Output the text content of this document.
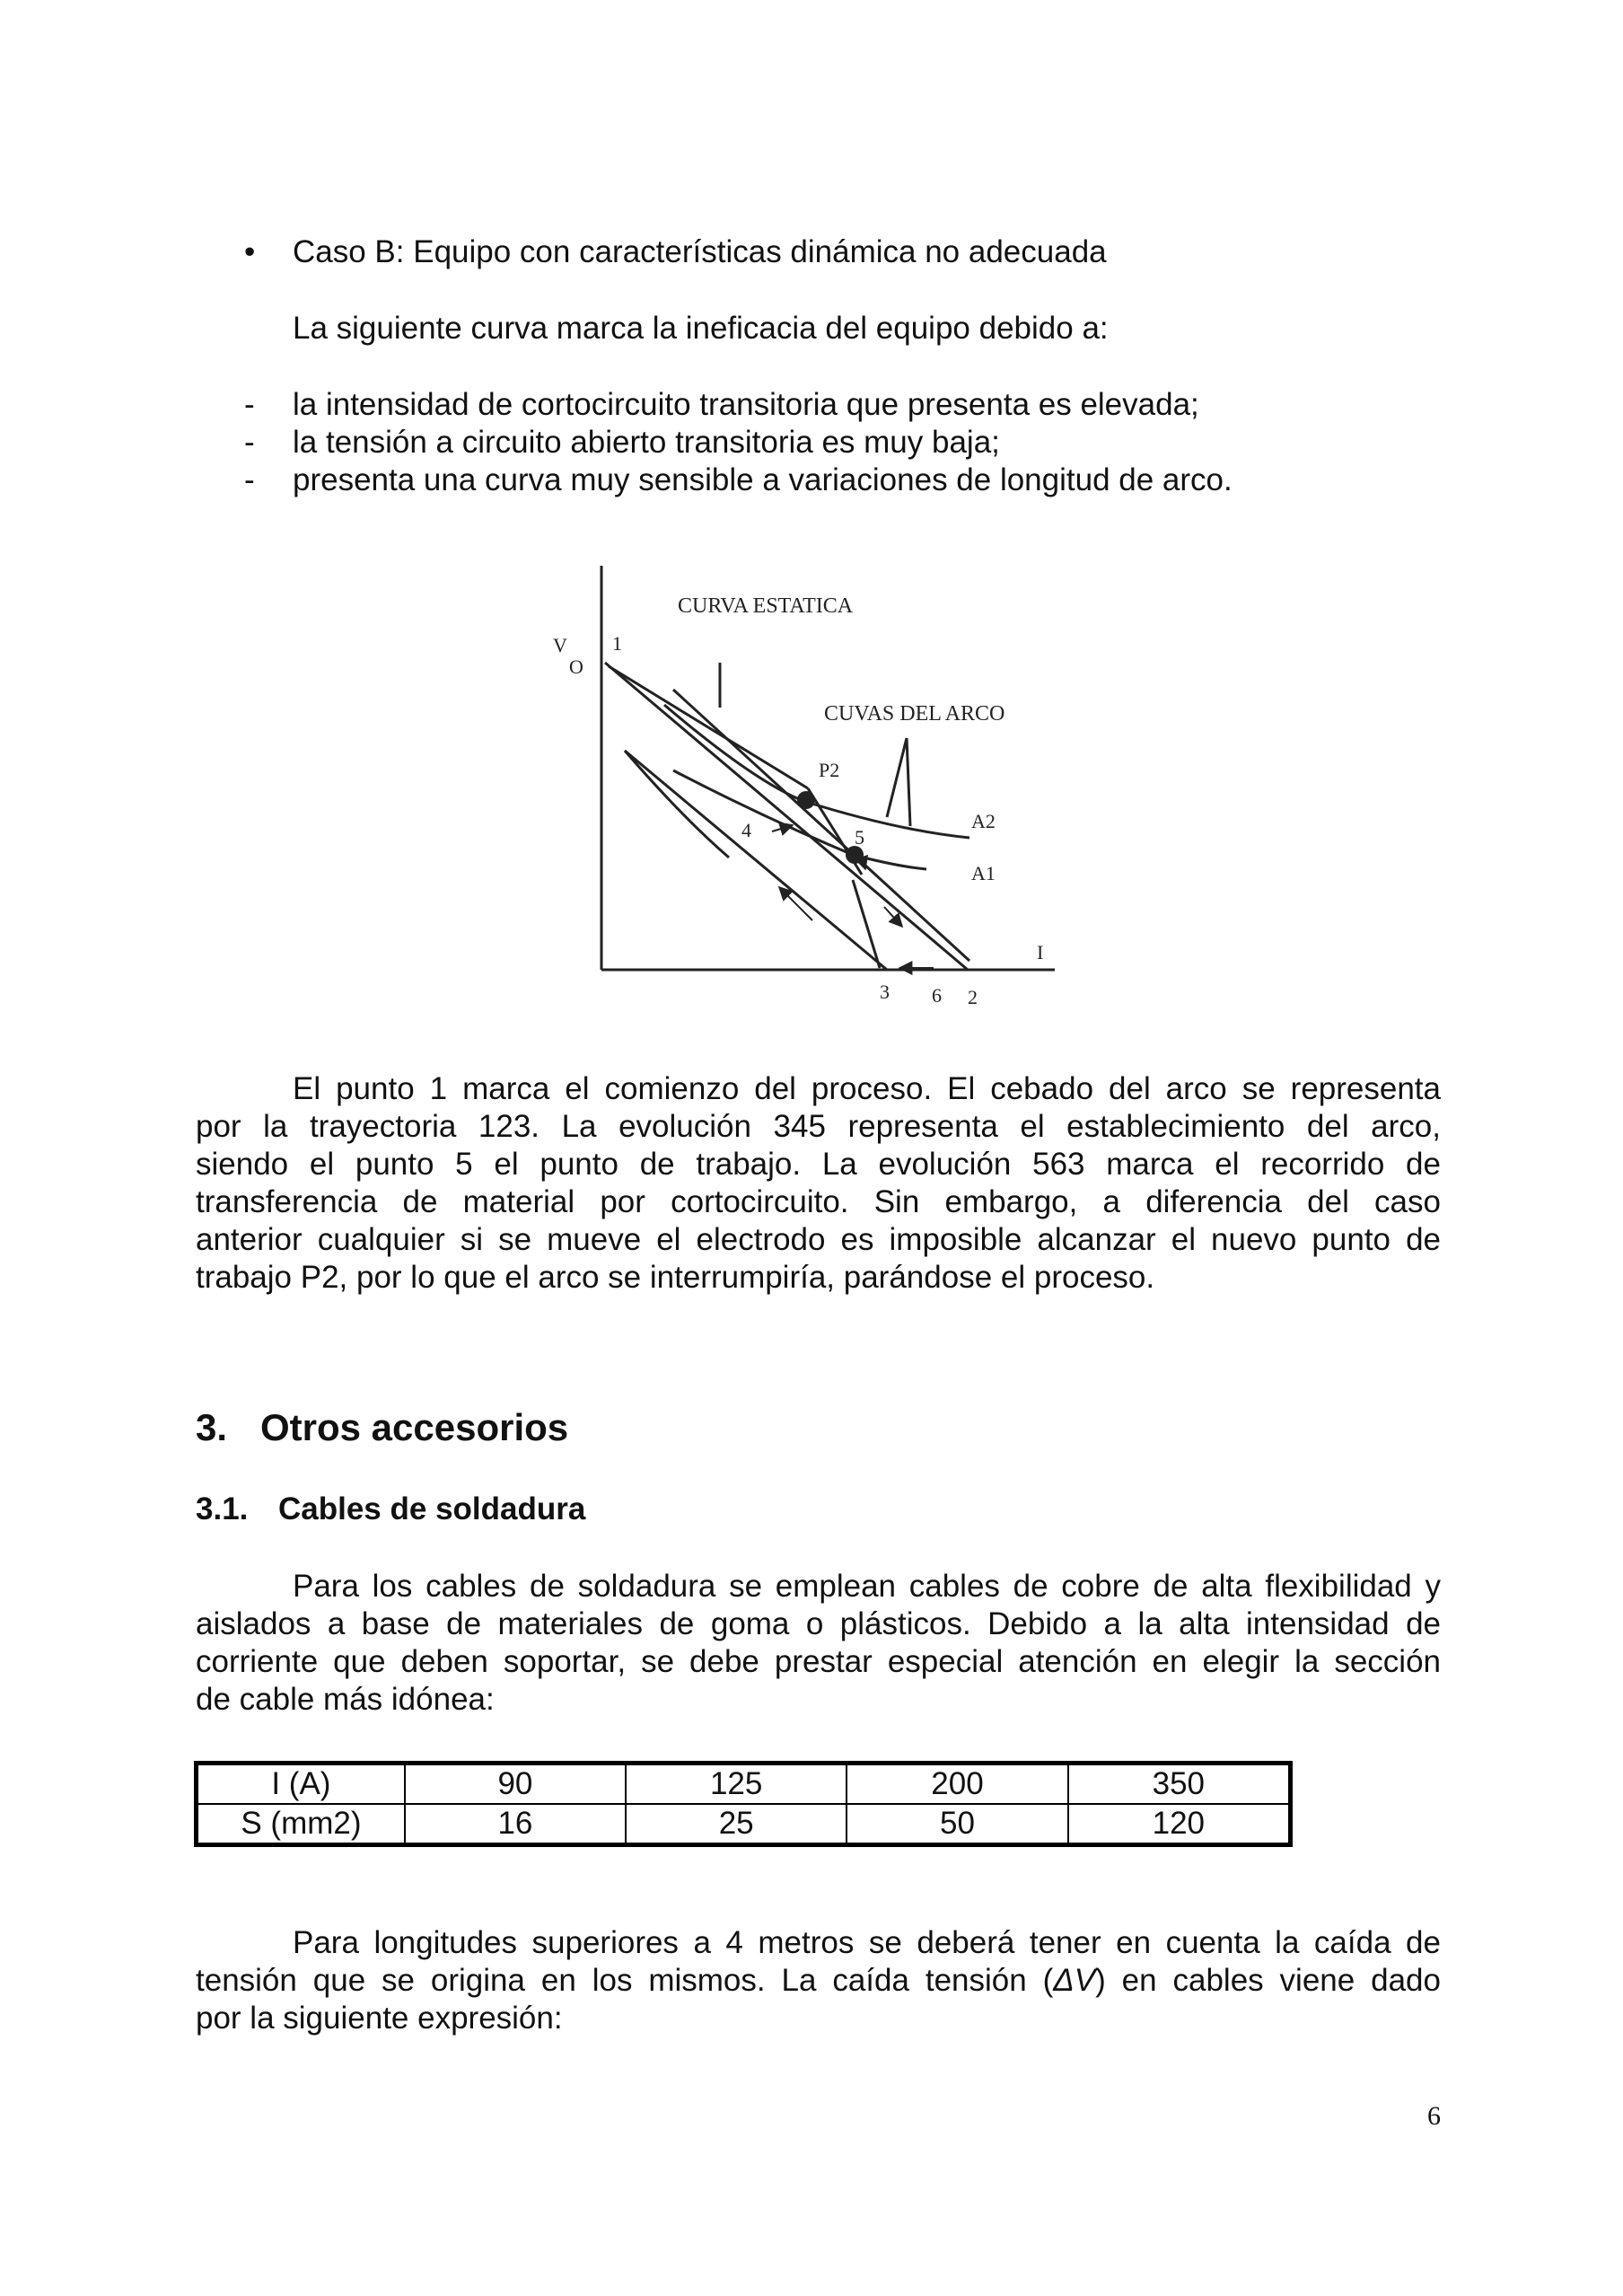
• Caso B: Equipo con características dinámica no adecuada
La siguiente curva marca la ineficacia del equipo debido a:
- la intensidad de cortocircuito transitoria que presenta es elevada;
- la tensión a circuito abierto transitoria es muy baja;
- presenta una curva muy sensible a variaciones de longitud de arco.
CURVA ESTATICA
CUVAS DEL ARCO
V
O
I
1
P2
4	5
A2
A1
3 6 2
El punto 1 marca el comienzo del proceso. El cebado del arco se representa
por la trayectoria 123. La evolución 345 representa el establecimiento del arco,
siendo el punto 5 el punto de trabajo. La evolución 563 marca el recorrido de
transferencia de material por cortocircuito. Sin embargo, a diferencia del caso
anterior cualquier si se mueve el electrodo es imposible alcanzar el nuevo punto de
trabajo P2, por lo que el arco se interrumpiría, parándose el proceso.
3. Otros accesorios
3.1. Cables de soldadura
Para los cables de soldadura se emplean cables de cobre de alta flexibilidad y
aislados a base de materiales de goma o plásticos. Debido a la alta intensidad de
corriente que deben soportar, se debe prestar especial atención en elegir la sección
de cable más idónea:
I (A)	90	125	200	350
S (mm2)	16	25	50	120
Para longitudes superiores a 4 metros se deberá tener en cuenta la caída de
tensión que se origina en los mismos. La caída tensión (ΔV) en cables viene dado
por la siguiente expresión:
6
